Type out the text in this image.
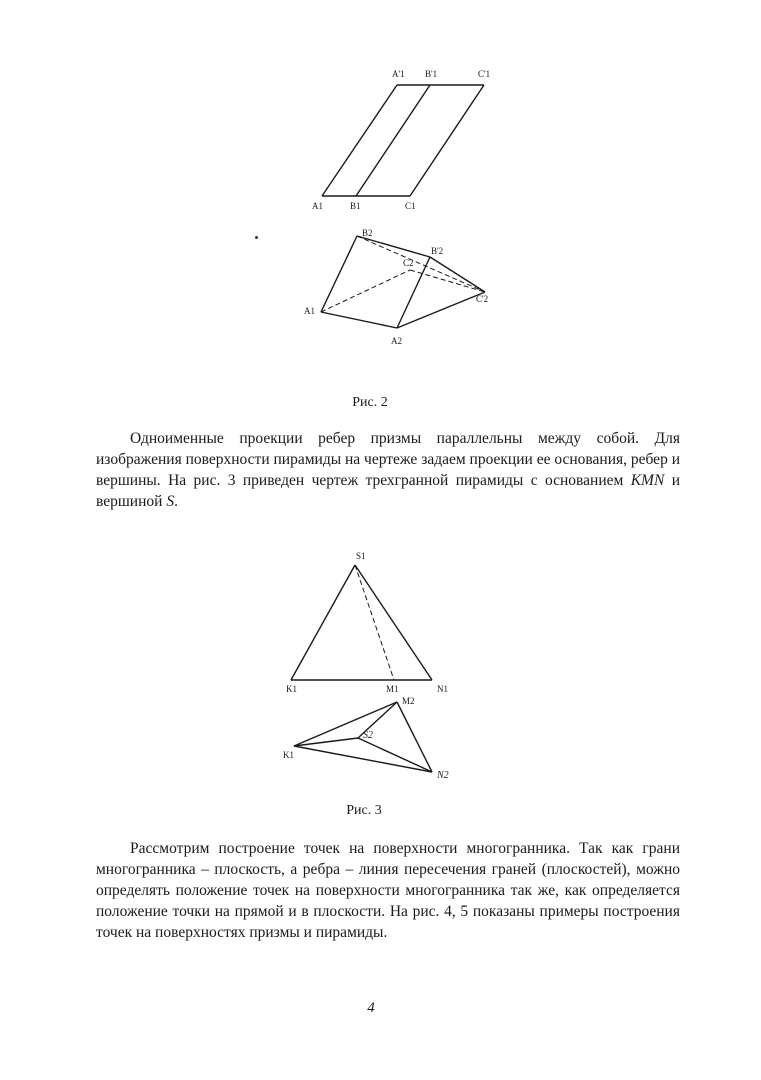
A'1 B'1	C'1
A1	B1	C1
B2
B'2
C2
C'2
A1
A2
Рис. 2

Одноименные проекции ребер призмы параллельны между собой. Для изображения поверхности пирамиды на чертеже задаем проекции ее основания, ребер и вершины. На рис. 3 приведен чертеж трехгранной пирамиды с основанием KMN и вершиной S.

S1
K1	M1	N1
M2
S2
K1
N2
Рис. 3

Рассмотрим построение точек на поверхности многогранника. Так как грани многогранника – плоскость, а ребра – линия пересечения граней (плоскостей), можно определять положение точек на поверхности многогранника так же, как определяется положение точки на прямой и в плоскости. На рис. 4, 5 показаны примеры построения точек на поверхностях призмы и пирамиды.

4
